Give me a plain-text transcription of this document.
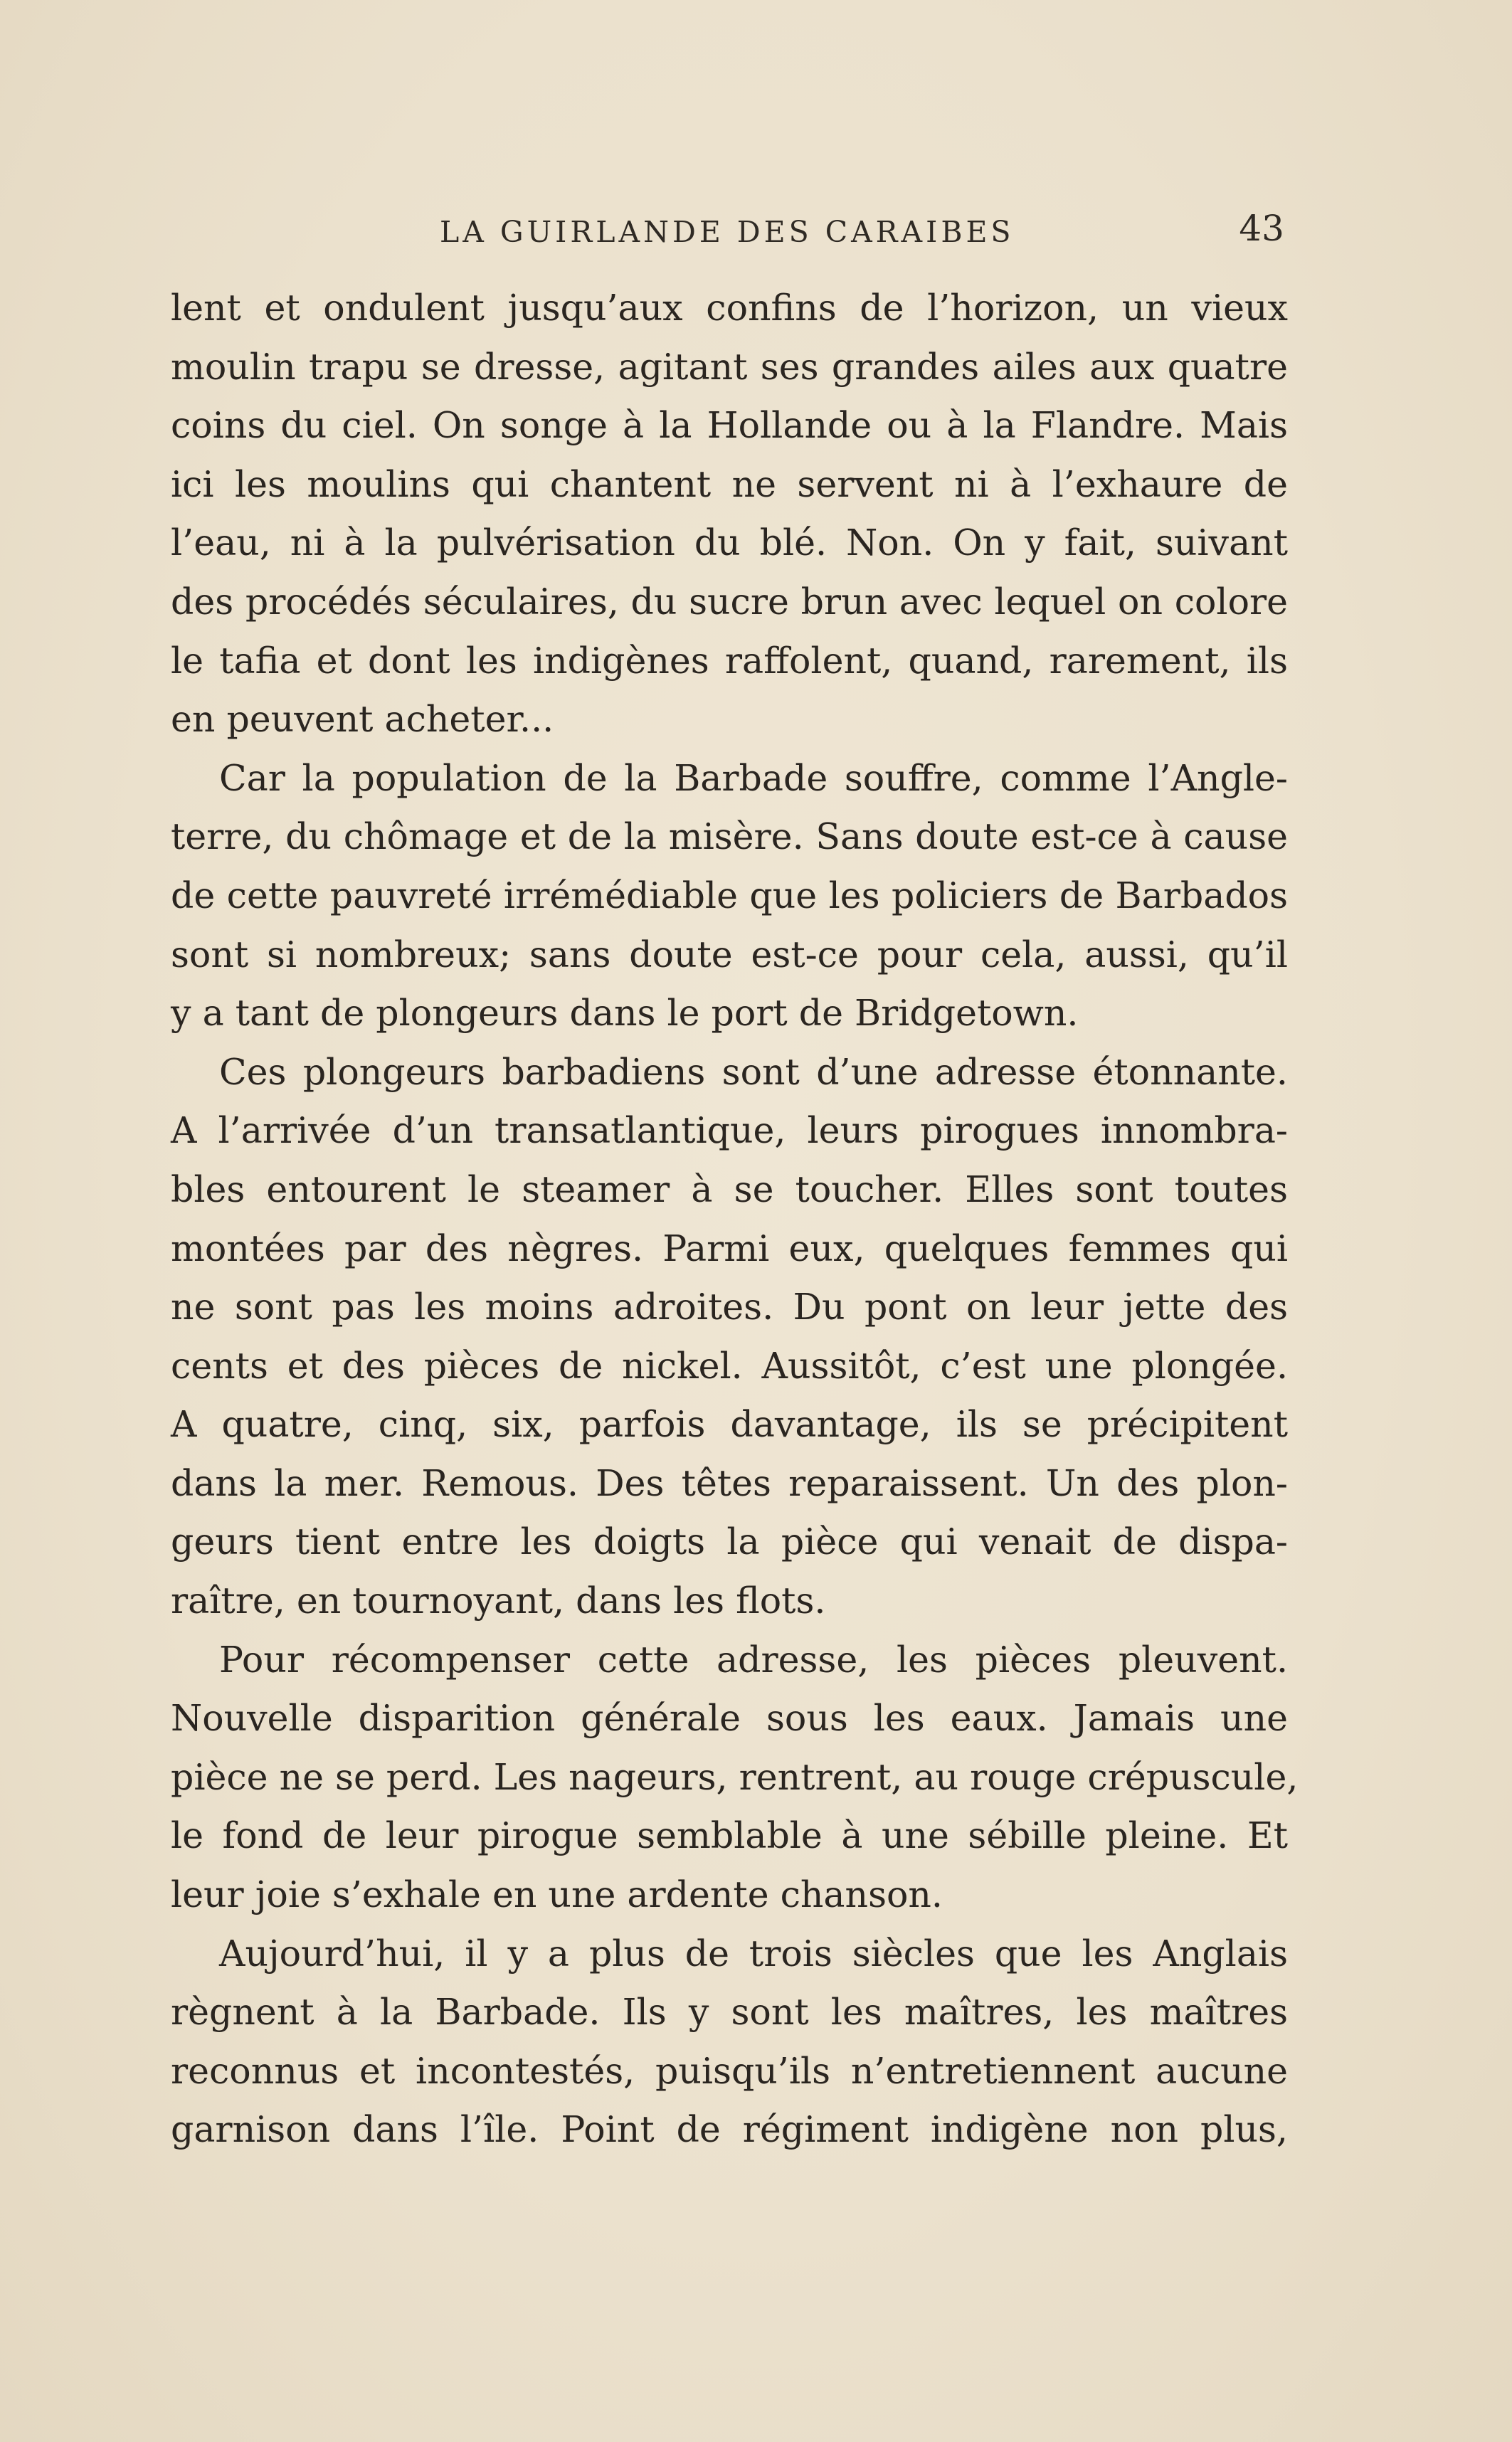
LA GUIRLANDE DES CARAIBES	43
lent et ondulent jusqu’aux confins de l’horizon, un vieux
moulin trapu se dresse, agitant ses grandes ailes aux quatre
coins du ciel. On songe à la Hollande ou à la Flandre. Mais
ici les moulins qui chantent ne servent ni à l’exhaure de
l’eau, ni à la pulvérisation du blé. Non. On y fait, suivant
des procédés séculaires, du sucre brun avec lequel on colore
le tafia et dont les indigènes raffolent, quand, rarement, ils
en peuvent acheter...
Car la population de la Barbade souffre, comme l’Angle-
terre, du chômage et de la misère. Sans doute est-ce à cause
de cette pauvreté irrémédiable que les policiers de Barbados
sont si nombreux; sans doute est-ce pour cela, aussi, qu’il
y a tant de plongeurs dans le port de Bridgetown.
Ces plongeurs barbadiens sont d’une adresse étonnante.
A l’arrivée d’un transatlantique, leurs pirogues innombra-
bles entourent le steamer à se toucher. Elles sont toutes
montées par des nègres. Parmi eux, quelques femmes qui
ne sont pas les moins adroites. Du pont on leur jette des
cents et des pièces de nickel. Aussitôt, c’est une plongée.
A quatre, cinq, six, parfois davantage, ils se précipitent
dans la mer. Remous. Des têtes reparaissent. Un des plon-
geurs tient entre les doigts la pièce qui venait de dispa-
raître, en tournoyant, dans les flots.
Pour récompenser cette adresse, les pièces pleuvent.
Nouvelle disparition générale sous les eaux. Jamais une
pièce ne se perd. Les nageurs, rentrent, au rouge crépuscule,
le fond de leur pirogue semblable à une sébille pleine. Et
leur joie s’exhale en une ardente chanson.
Aujourd’hui, il y a plus de trois siècles que les Anglais
règnent à la Barbade. Ils y sont les maîtres, les maîtres
reconnus et incontestés, puisqu’ils n’entretiennent aucune
garnison dans l’île. Point de régiment indigène non plus,
